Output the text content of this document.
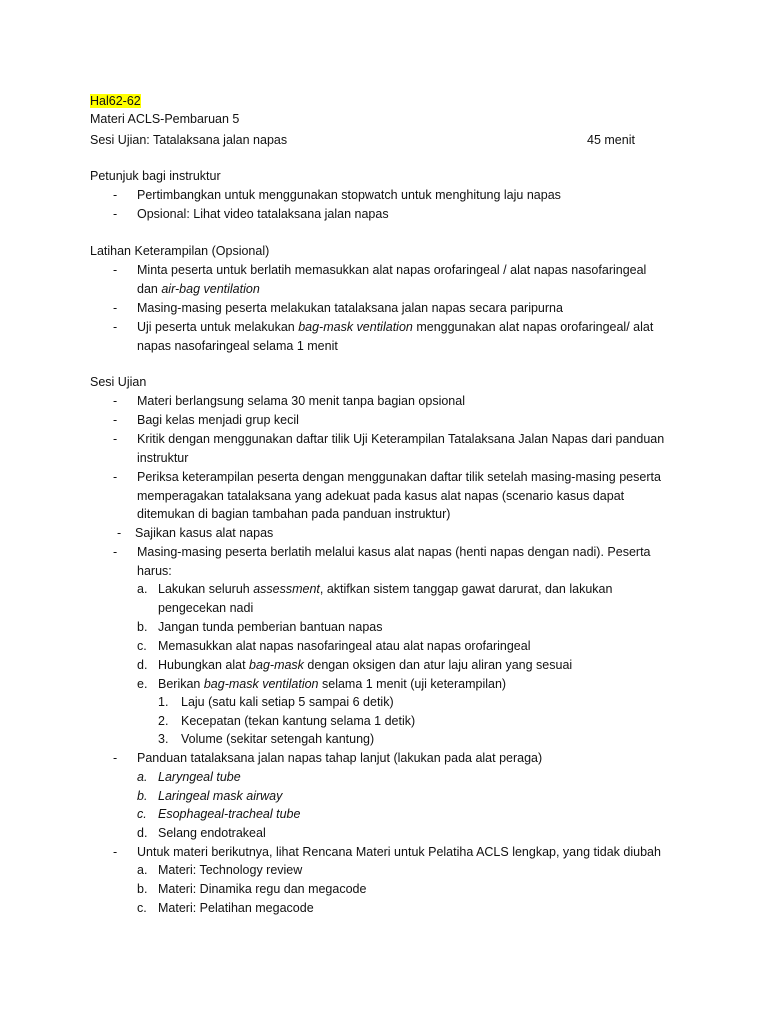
Hal62-62
Materi ACLS-Pembaruan 5
Sesi Ujian: Tatalaksana jalan napas	45 menit
Petunjuk bagi instruktur
- Pertimbangkan untuk menggunakan stopwatch untuk menghitung laju napas
- Opsional: Lihat video tatalaksana jalan napas
Latihan Keterampilan (Opsional)
- Minta peserta untuk berlatih memasukkan alat napas orofaringeal / alat napas nasofaringeal
dan air-bag ventilation
- Masing-masing peserta melakukan tatalaksana jalan napas secara paripurna
- Uji peserta untuk melakukan bag-mask ventilation menggunakan alat napas orofaringeal/ alat
napas nasofaringeal selama 1 menit
Sesi Ujian
- Materi berlangsung selama 30 menit tanpa bagian opsional
- Bagi kelas menjadi grup kecil
- Kritik dengan menggunakan daftar tilik Uji Keterampilan Tatalaksana Jalan Napas dari panduan
instruktur
- Periksa keterampilan peserta dengan menggunakan daftar tilik setelah masing-masing peserta
memperagakan tatalaksana yang adekuat pada kasus alat napas (scenario kasus dapat
ditemukan di bagian tambahan pada panduan instruktur)
- Sajikan kasus alat napas
- Masing-masing peserta berlatih melalui kasus alat napas (henti napas dengan nadi). Peserta
harus:
a. Lakukan seluruh assessment, aktifkan sistem tanggap gawat darurat, dan lakukan
pengecekan nadi
b. Jangan tunda pemberian bantuan napas
c. Memasukkan alat napas nasofaringeal atau alat napas orofaringeal
d. Hubungkan alat bag-mask dengan oksigen dan atur laju aliran yang sesuai
e. Berikan bag-mask ventilation selama 1 menit (uji keterampilan)
1. Laju (satu kali setiap 5 sampai 6 detik)
2. Kecepatan (tekan kantung selama 1 detik)
3. Volume (sekitar setengah kantung)
- Panduan tatalaksana jalan napas tahap lanjut (lakukan pada alat peraga)
a. Laryngeal tube
b. Laringeal mask airway
c. Esophageal-tracheal tube
d. Selang endotrakeal
- Untuk materi berikutnya, lihat Rencana Materi untuk Pelatiha ACLS lengkap, yang tidak diubah
a. Materi: Technology review
b. Materi: Dinamika regu dan megacode
c. Materi: Pelatihan megacode
